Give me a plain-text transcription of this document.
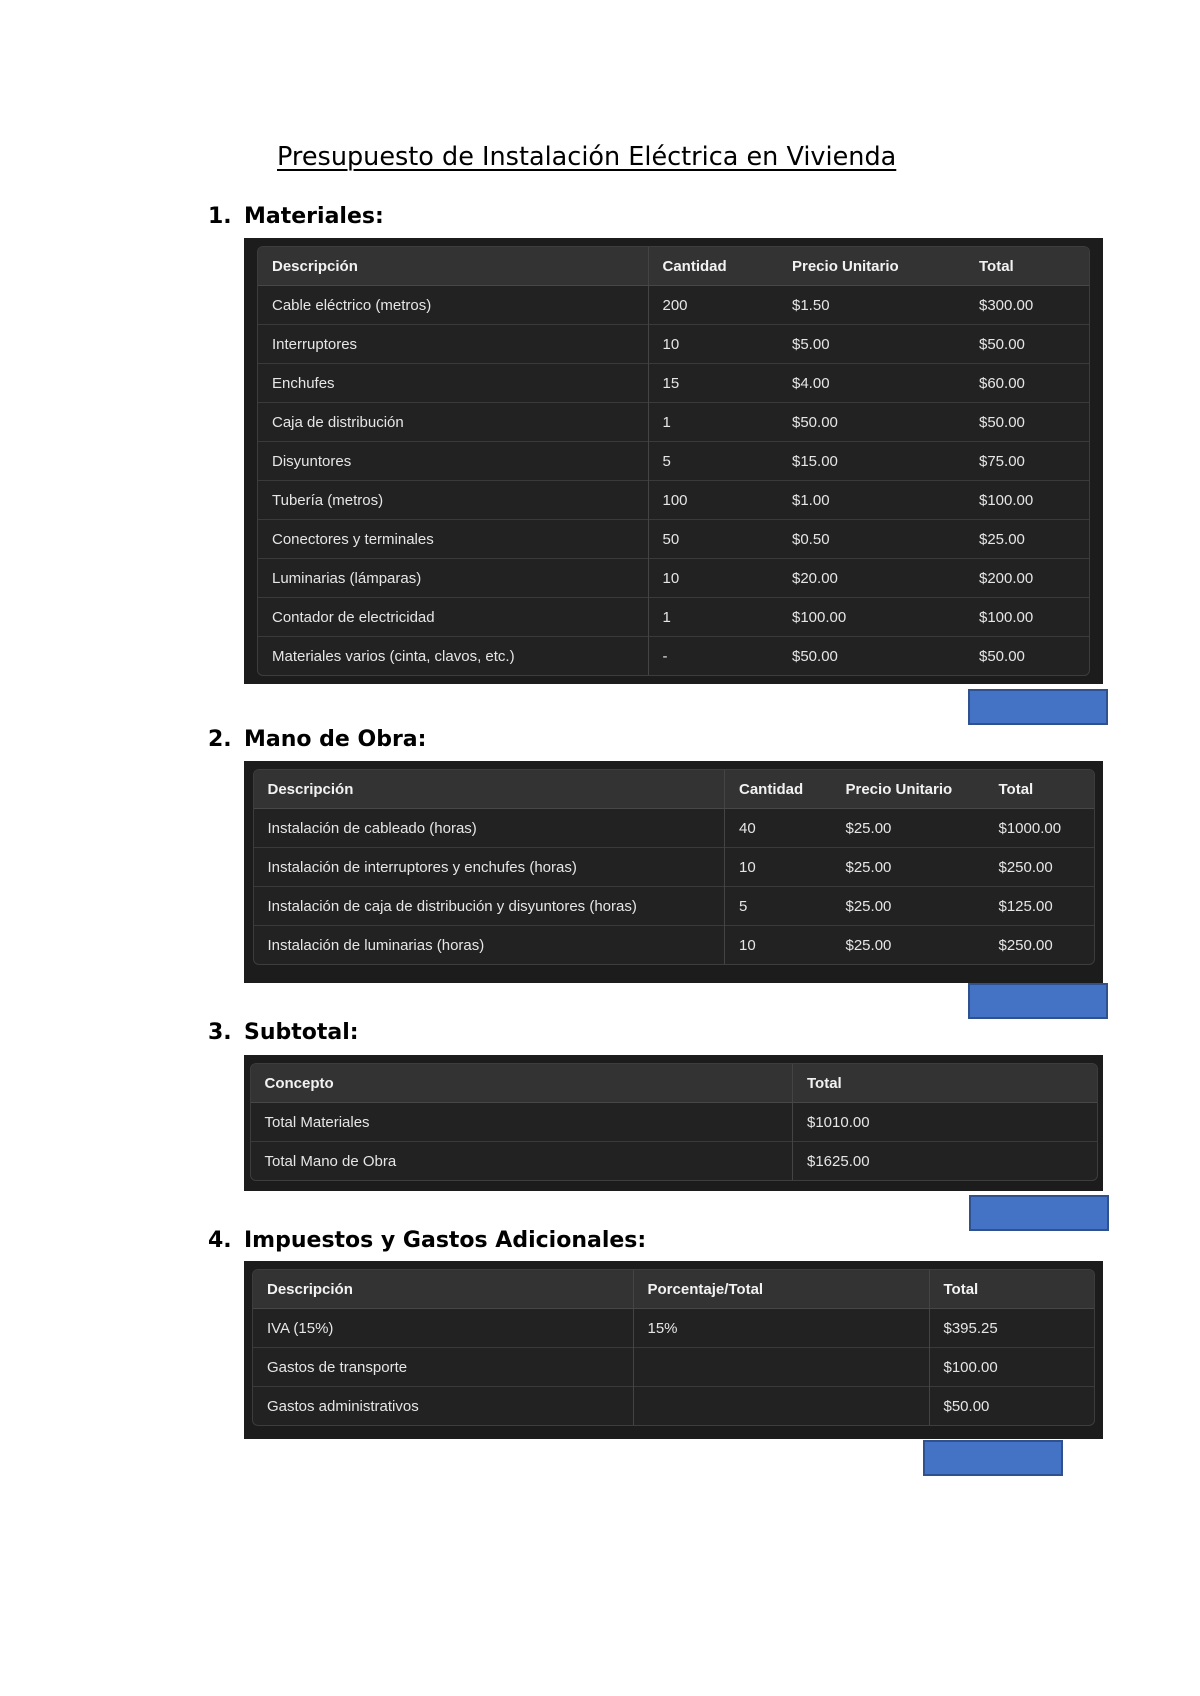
Presupuesto de Instalación Eléctrica en Vivienda
1. Materiales:
Descripción	Cantidad	Precio Unitario	Total
Cable eléctrico (metros)	200	$1.50	$300.00
Interruptores	10	$5.00	$50.00
Enchufes	15	$4.00	$60.00
Caja de distribución	1	$50.00	$50.00
Disyuntores	5	$15.00	$75.00
Tubería (metros)	100	$1.00	$100.00
Conectores y terminales	50	$0.50	$25.00
Luminarias (lámparas)	10	$20.00	$200.00
Contador de electricidad	1	$100.00	$100.00
Materiales varios (cinta, clavos, etc.)	-	$50.00	$50.00
2. Mano de Obra:
Descripción	Cantidad	Precio Unitario	Total
Instalación de cableado (horas)	40	$25.00	$1000.00
Instalación de interruptores y enchufes (horas)	10	$25.00	$250.00
Instalación de caja de distribución y disyuntores (horas)	5	$25.00	$125.00
Instalación de luminarias (horas)	10	$25.00	$250.00
3. Subtotal:
Concepto	Total
Total Materiales	$1010.00
Total Mano de Obra	$1625.00
4. Impuestos y Gastos Adicionales:
Descripción	Porcentaje/Total	Total
IVA (15%)	15%	$395.25
Gastos de transporte		$100.00
Gastos administrativos		$50.00
